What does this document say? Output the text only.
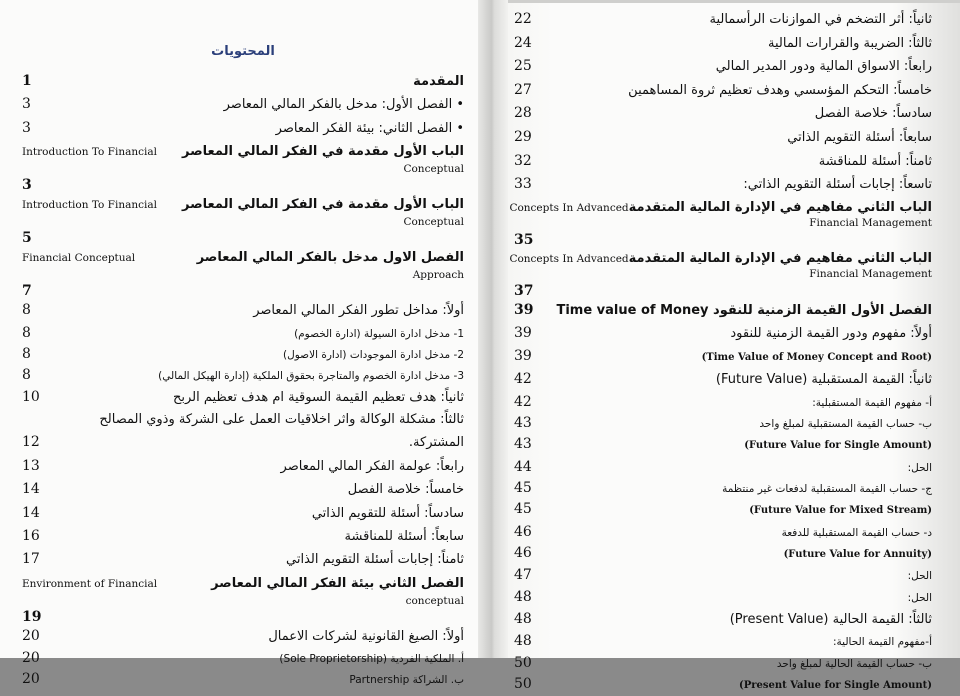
المحتويات
المقدمة
1
• الفصل الأول: مدخل بالفكر المالي المعاصر
3
• الفصل الثاني: بيئة الفكر المعاصر
3
الباب الأول مقدمة في الفكر المالي المعاصر
Introduction To Financial
Conceptual
3
الباب الأول مقدمة في الفكر المالي المعاصر
Introduction To Financial
Conceptual
5
الفصل الاول مدخل بالفكر المالي المعاصر
Financial Conceptual
Approach
7
أولاً: مداخل تطور الفكر المالي المعاصر
8
1- مدخل ادارة السيولة (ادارة الخصوم)
8
2- مدخل ادارة الموجودات (ادارة الاصول)
8
3- مدخل ادارة الخصوم والمتاجرة بحقوق الملكية (إدارة الهيكل المالي)
8
ثانياً: هدف تعظيم القيمة السوقية ام هدف تعظيم الربح
10
ثالثاً: مشكلة الوكالة واثر اخلاقيات العمل على الشركة وذوي المصالح
المشتركة.
12
رابعاً: عولمة الفكر المالي المعاصر
13
خامساً: خلاصة الفصل
14
سادساً: أسئلة للتقويم الذاتي
14
سابعاً: أسئلة للمناقشة
16
ثامناً: إجابات أسئلة التقويم الذاتي
17
الفصل الثاني بيئة الفكر المالي المعاصر
Environment of Financial
conceptual
19
أولاً: الصيغ القانونية لشركات الاعمال
20
أ. الملكية الفردية (Sole Proprietorship)
20
ب. الشراكة Partnership
20
ثانياً: أثر التضخم في الموازنات الرأسمالية
22
ثالثاً: الضريبة والقرارات المالية
24
رابعاً: الاسواق المالية ودور المدير المالي
25
خامساً: التحكم المؤسسي وهدف تعظيم ثروة المساهمين
27
سادساً: خلاصة الفصل
28
سابعاً: أسئلة التقويم الذاتي
29
ثامناً: أسئلة للمناقشة
32
تاسعاً: إجابات أسئلة التقويم الذاتي:
33
الباب الثاني مفاهيم في الإدارة المالية المتقدمة
Concepts In Advanced
Financial Management
35
الباب الثاني مفاهيم في الإدارة المالية المتقدمة
Concepts In Advanced
Financial Management
37
الفصل الأول القيمة الزمنية للنقود Time value of Money
39
أولاً: مفهوم ودور القيمة الزمنية للنقود
39
(Time Value of Money Concept and Root)
39
ثانياً: القيمة المستقبلية (Future Value)
42
أ- مفهوم القيمة المستقبلية:
42
ب- حساب القيمة المستقبلية لمبلغ واحد
43
(Future Value for Single Amount)
43
الحل:
44
ج- حساب القيمة المستقبلية لدفعات غير منتظمة
45
(Future Value for Mixed Stream)
45
د- حساب القيمة المستقبلية للدفعة
46
(Future Value for Annuity)
46
الحل:
47
الحل:
48
ثالثاً: القيمة الحالية (Present Value)
48
أ-مفهوم القيمة الحالية:
48
ب- حساب القيمة الحالية لمبلغ واحد
50
(Present Value for Single Amount)
50
